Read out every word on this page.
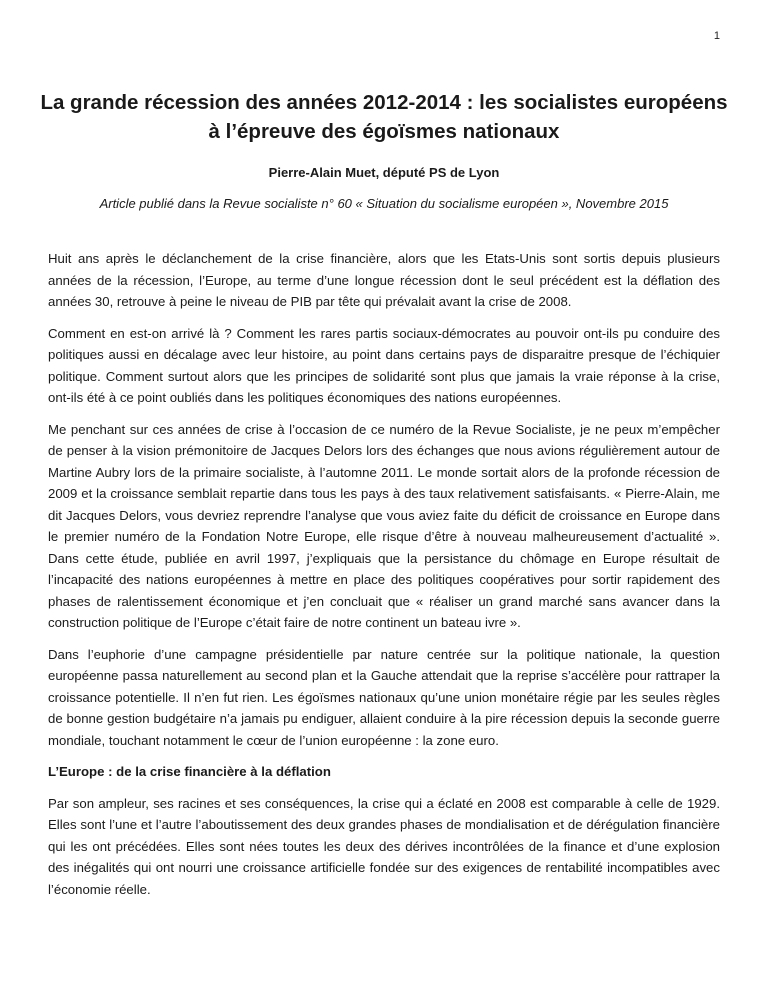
1
La grande récession des années 2012-2014 : les socialistes européens à l’épreuve des égoïsmes nationaux

Pierre-Alain Muet, député PS de Lyon

Article publié dans la Revue socialiste n° 60 « Situation du socialisme européen », Novembre 2015

Huit ans après le déclanchement de la crise financière, alors que les Etats-Unis sont sortis depuis plusieurs années de la récession, l’Europe, au terme d’une longue récession dont le seul précédent est la déflation des années 30, retrouve à peine le niveau de PIB par tête qui prévalait avant la crise de 2008.

Comment en est-on arrivé là ? Comment les rares partis sociaux-démocrates au pouvoir ont-ils pu conduire des politiques aussi en décalage avec leur histoire, au point dans certains pays de disparaitre presque de l’échiquier politique. Comment surtout alors que les principes de solidarité sont plus que jamais la vraie réponse à la crise, ont-ils été à ce point oubliés dans les politiques économiques des nations européennes.

Me penchant sur ces années de crise à l’occasion de ce numéro de la Revue Socialiste, je ne peux m’empêcher de penser à la vision prémonitoire de Jacques Delors lors des échanges que nous avions régulièrement autour de Martine Aubry lors de la primaire socialiste, à l’automne 2011. Le monde sortait alors de la profonde récession de 2009 et la croissance semblait repartie dans tous les pays à des taux relativement satisfaisants. « Pierre-Alain, me dit Jacques Delors, vous devriez reprendre l’analyse que vous aviez faite du déficit de croissance en Europe dans le premier numéro de la Fondation Notre Europe, elle risque d’être à nouveau malheureusement d’actualité ». Dans cette étude, publiée en avril 1997, j’expliquais que la persistance du chômage en Europe résultait de l’incapacité des nations européennes à mettre en place des politiques coopératives pour sortir rapidement des phases de ralentissement économique et j’en concluait que « réaliser un grand marché sans avancer dans la construction politique de l’Europe c’était faire de notre continent un bateau ivre ».

Dans l’euphorie d’une campagne présidentielle par nature centrée sur la politique nationale, la question européenne passa naturellement au second plan et la Gauche attendait que la reprise s’accélère pour rattraper la croissance potentielle. Il n’en fut rien. Les égoïsmes nationaux qu’une union monétaire régie par les seules règles de bonne gestion budgétaire n’a jamais pu endiguer, allaient conduire à la pire récession depuis la seconde guerre mondiale, touchant notamment le cœur de l’union européenne : la zone euro.

L’Europe : de la crise financière à la déflation

Par son ampleur, ses racines et ses conséquences, la crise qui a éclaté en 2008 est comparable à celle de 1929. Elles sont l’une et l’autre l’aboutissement des deux grandes phases de mondialisation et de dérégulation financière qui les ont précédées. Elles sont nées toutes les deux des dérives incontrôlées de la finance et d’une explosion des inégalités qui ont nourri une croissance artificielle fondée sur des exigences de rentabilité incompatibles avec l’économie réelle.
